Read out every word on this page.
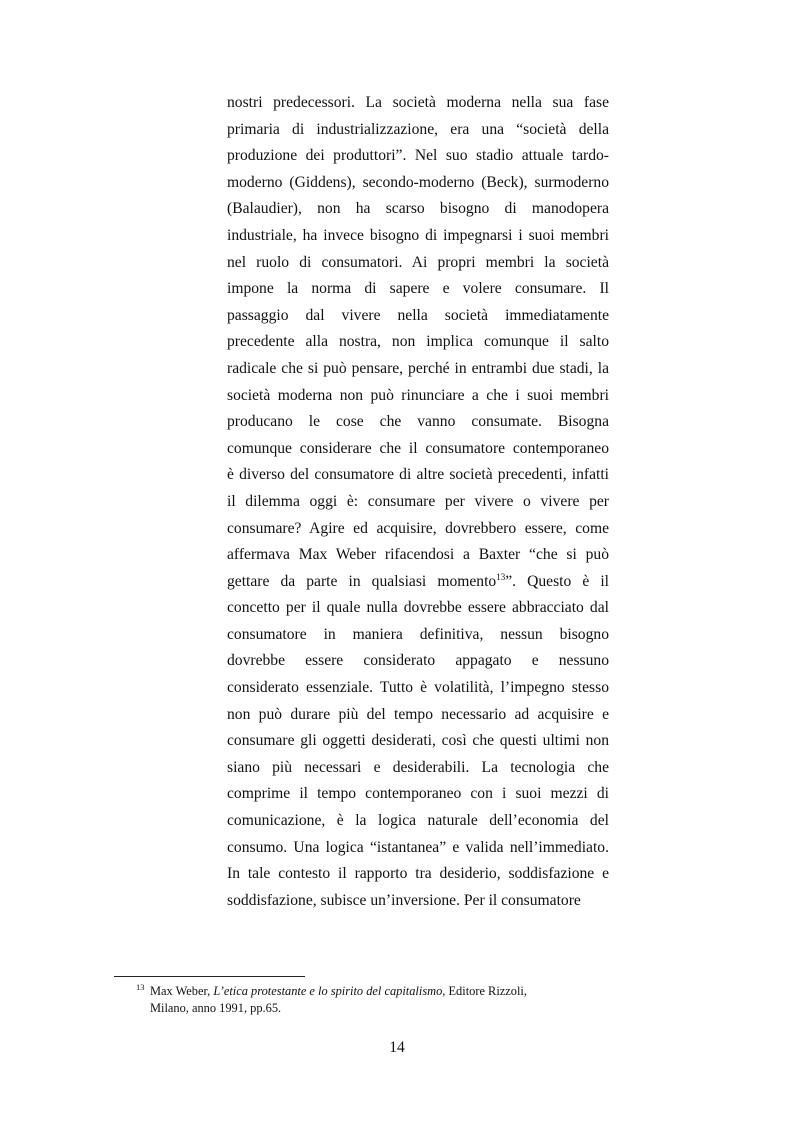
nostri predecessori. La società moderna nella sua fase
primaria di industrializzazione, era una “società della
produzione dei produttori”. Nel suo stadio attuale tardo-
moderno (Giddens), secondo-moderno (Beck), surmoderno
(Balaudier), non ha scarso bisogno di manodopera
industriale, ha invece bisogno di impegnarsi i suoi membri
nel ruolo di consumatori. Ai propri membri la società
impone la norma di sapere e volere consumare. Il
passaggio dal vivere nella società immediatamente
precedente alla nostra, non implica comunque il salto
radicale che si può pensare, perché in entrambi due stadi, la
società moderna non può rinunciare a che i suoi membri
producano le cose che vanno consumate. Bisogna
comunque considerare che il consumatore contemporaneo
è diverso del consumatore di altre società precedenti, infatti
il dilemma oggi è: consumare per vivere o vivere per
consumare? Agire ed acquisire, dovrebbero essere, come
affermava Max Weber rifacendosi a Baxter “che si può
gettare da parte in qualsiasi momento$^{13}$”. Questo è il
concetto per il quale nulla dovrebbe essere abbracciato dal
consumatore in maniera definitiva, nessun bisogno
dovrebbe essere considerato appagato e nessuno
considerato essenziale. Tutto è volatilità, l’impegno stesso
non può durare più del tempo necessario ad acquisire e
consumare gli oggetti desiderati, così che questi ultimi non
siano più necessari e desiderabili. La tecnologia che
comprime il tempo contemporaneo con i suoi mezzi di
comunicazione, è la logica naturale dell’economia del
consumo. Una logica “istantanea” e valida nell’immediato.
In tale contesto il rapporto tra desiderio, soddisfazione e
soddisfazione, subisce un’inversione. Per il consumatore
13 Max Weber, L’etica protestante e lo spirito del capitalismo, Editore Rizzoli,
Milano, anno 1991, pp.65.
14
